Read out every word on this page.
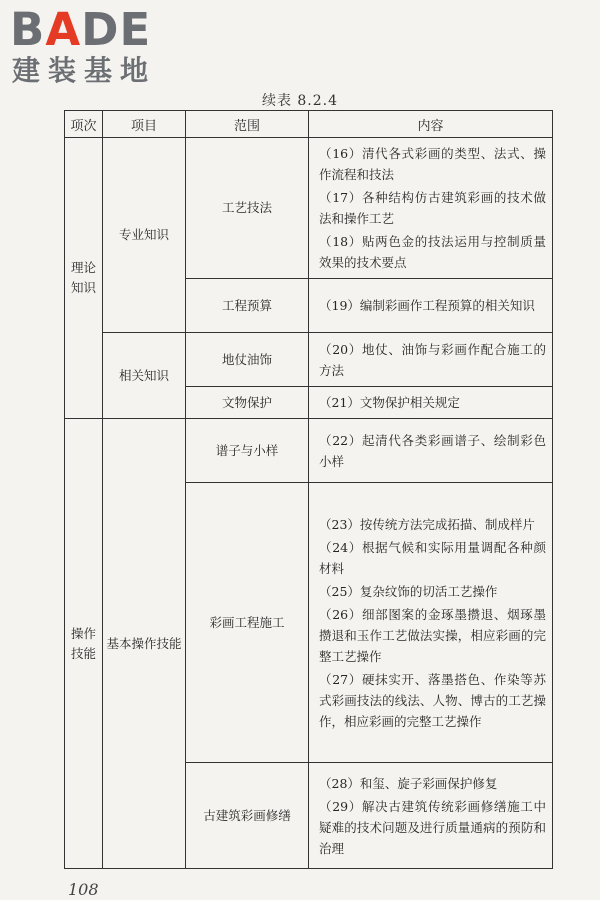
BADE
建装基地
续表 8.2.4
项次	项目	范围	内容
理论知识	专业知识	工艺技法	（16）清代各式彩画的类型、法式、操作流程和技法
（17）各种结构仿古建筑彩画的技术做法和操作工艺
（18）贴两色金的技法运用与控制质量效果的技术要点

		工程预算	（19）编制彩画作工程预算的相关知识

	相关知识	地仗油饰	（20）地仗、油饰与彩画作配合施工的方法

		文物保护	（21）文物保护相关规定

操作技能	基本操作技能	谱子与小样	（22）起清代各类彩画谱子、绘制彩色小样

		彩画工程施工	（23）按传统方法完成拓描、制成样片
（24）根据气候和实际用量调配各种颜材料
（25）复杂纹饰的切活工艺操作
（26）细部图案的金琢墨攒退、烟琢墨攒退和玉作工艺做法实操，相应彩画的完整工艺操作
（27）硬抹实开、落墨搭色、作染等苏式彩画技法的线法、人物、博古的工艺操作，相应彩画的完整工艺操作

		古建筑彩画修缮	（28）和玺、旋子彩画保护修复
（29）解决古建筑传统彩画修缮施工中疑难的技术问题及进行质量通病的预防和治理
108
